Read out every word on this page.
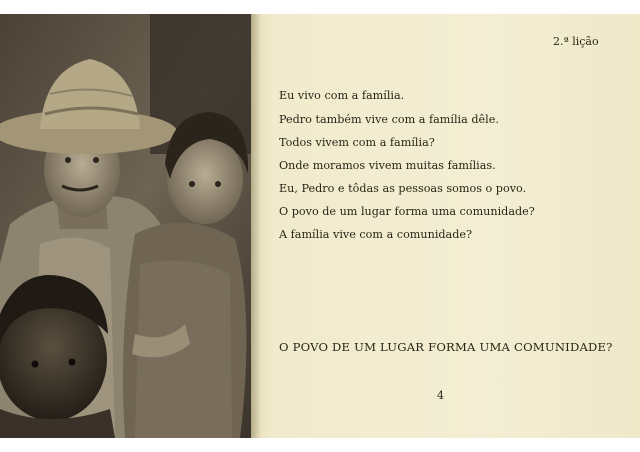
2.ª lição

Eu vivo com a família.

Pedro também vive com a família dêle.

Todos vivem com a família?

Onde moramos vivem muitas famílias.

Eu, Pedro e tôdas as pessoas somos o povo.

O povo de um lugar forma uma comunidade?

A família vive com a comunidade?

O POVO DE UM LUGAR FORMA UMA COMUNIDADE?

4
